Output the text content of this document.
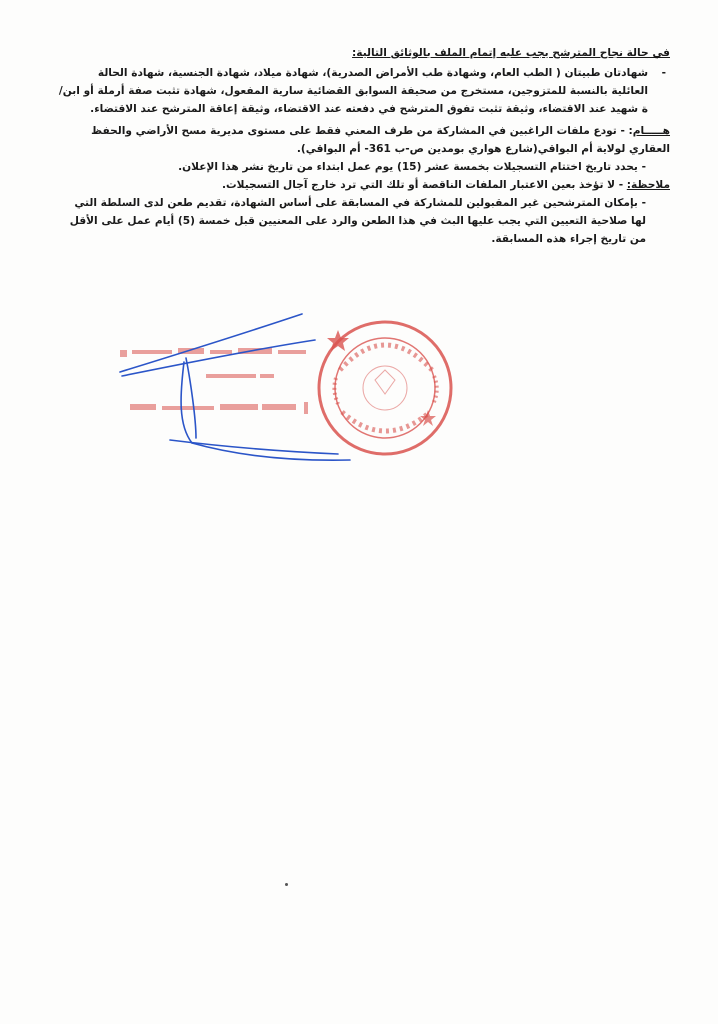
في حالة نجاح المترشح يجب عليه إتمام الملف بالوثائق التالية:
-
شهادتان طبيتان ( الطب العام، وشهادة طب الأمراض الصدرية)، شهادة ميلاد، شهادة الجنسية، شهادة الحالة العائلية بالنسبة للمتزوجين، مستخرج من صحيفة السوابق القضائية سارية المفعول، شهادة تثبت صفة أرملة أو ابن/ة شهيد عند الاقتضاء، وثيقة تثبت تفوق المترشح في دفعته عند الاقتضاء، وثيقة إعاقة المترشح عند الاقتضاء.
هـــــام: - تودع ملفات الراغبين في المشاركة من طرف المعني فقط على مستوى مديرية مسح الأراضي والحفظ العقاري لولاية أم البواقي(شارع هواري بومدين ص-ب 361- أم البواقي).
- يحدد تاريخ اختتام التسجيلات بخمسة عشر (15) يوم عمل ابتداء من تاريخ نشر هذا الإعلان.
ملاحظة: - لا تؤخذ بعين الاعتبار الملفات الناقصة أو تلك التي ترد خارج آجال التسجيلات.
- بإمكان المترشحين غير المقبولين للمشاركة في المسابقة على أساس الشهادة، تقديم طعن لدى السلطة التي لها صلاحية التعيين التي يجب عليها البث في هذا الطعن والرد على المعنيين قبل خمسة (5) أيام عمل على الأقل من تاريخ إجراء هذه المسابقة.
